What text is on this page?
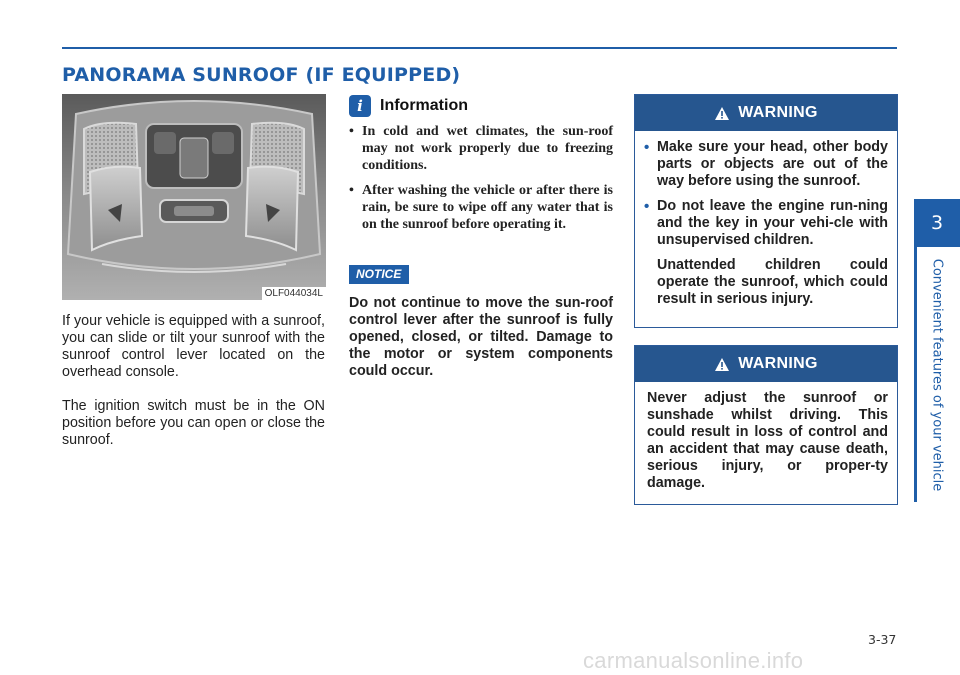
PANORAMA SUNROOF (IF EQUIPPED)
3
Convenient features of your vehicle
OLF044034L

If your vehicle is equipped with a sunroof, you can slide or tilt your sunroof with the sunroof control lever located on the overhead console.

The ignition switch must be in the ON position before you can open or close the sunroof.

i	Information
• In cold and wet climates, the sun-roof may not work properly due to freezing conditions.
• After washing the vehicle or after there is rain, be sure to wipe off any water that is on the sunroof before operating it.
NOTICE

Do not continue to move the sun-roof control lever after the sunroof is fully opened, closed, or tilted. Damage to the motor or system components could occur.

WARNING

• Make sure your head, other body parts or objects are out of the way before using the sunroof.

• Do not leave the engine run-ning and the key in your vehi-cle with unsupervised children.

Unattended children could operate the sunroof, which could result in serious injury.

WARNING

Never adjust the sunroof or sunshade whilst driving. This could result in loss of control and an accident that may cause death, serious injury, or proper-ty damage.

3-37
carmanualsonline.info
